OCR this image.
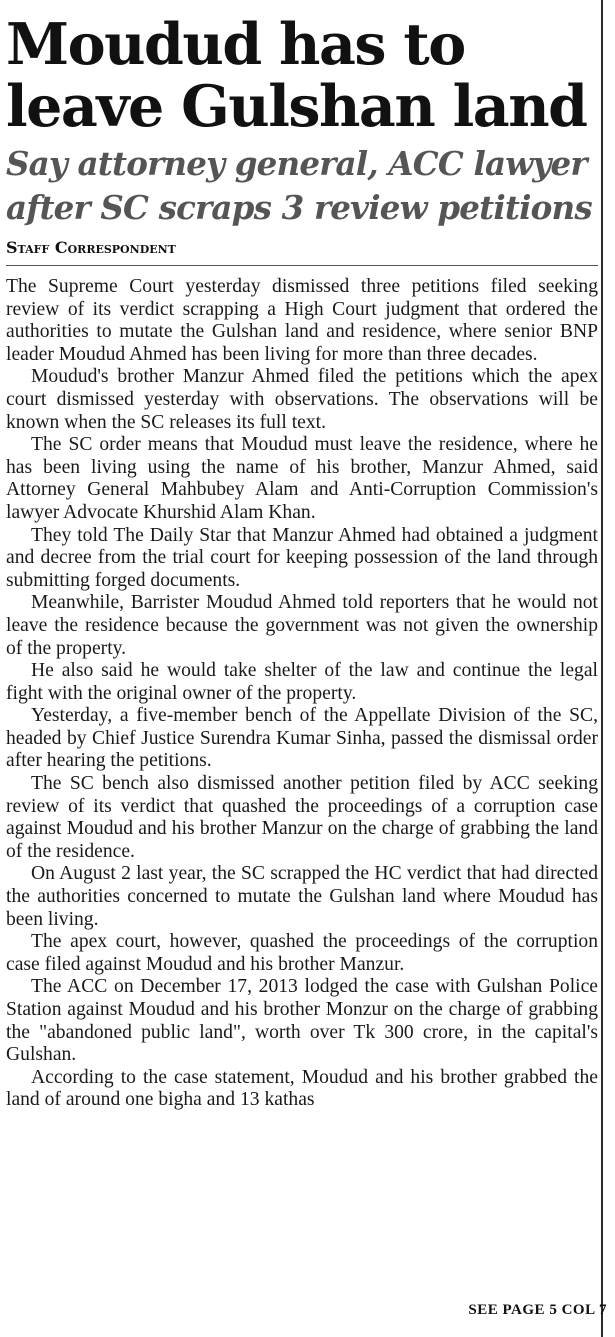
Moudud has to leave Gulshan land
Say attorney general, ACC lawyer after SC scraps 3 review petitions
Staff Correspondent

The Supreme Court yesterday dismissed three petitions filed seeking review of its verdict scrapping a High Court judgment that ordered the authorities to mutate the Gulshan land and residence, where senior BNP leader Moudud Ahmed has been living for more than three decades.

Moudud's brother Manzur Ahmed filed the petitions which the apex court dismissed yesterday with observations. The observations will be known when the SC releases its full text.

The SC order means that Moudud must leave the residence, where he has been living using the name of his brother, Manzur Ahmed, said Attorney General Mahbubey Alam and Anti-Corruption Commission's lawyer Advocate Khurshid Alam Khan.

They told The Daily Star that Manzur Ahmed had obtained a judgment and decree from the trial court for keeping possession of the land through submitting forged documents.

Meanwhile, Barrister Moudud Ahmed told reporters that he would not leave the residence because the government was not given the ownership of the property.

He also said he would take shelter of the law and continue the legal fight with the original owner of the property.

Yesterday, a five-member bench of the Appellate Division of the SC, headed by Chief Justice Surendra Kumar Sinha, passed the dismissal order after hearing the petitions.

The SC bench also dismissed another petition filed by ACC seeking review of its verdict that quashed the proceedings of a corruption case against Moudud and his brother Manzur on the charge of grabbing the land of the residence.

On August 2 last year, the SC scrapped the HC verdict that had directed the authorities concerned to mutate the Gulshan land where Moudud has been living.

The apex court, however, quashed the proceedings of the corruption case filed against Moudud and his brother Manzur.

The ACC on December 17, 2013 lodged the case with Gulshan Police Station against Moudud and his brother Monzur on the charge of grabbing the "abandoned public land", worth over Tk 300 crore, in the capital's Gulshan.

According to the case statement, Moudud and his brother grabbed the land of around one bigha and 13 kathas

SEE PAGE 5 COL 7
